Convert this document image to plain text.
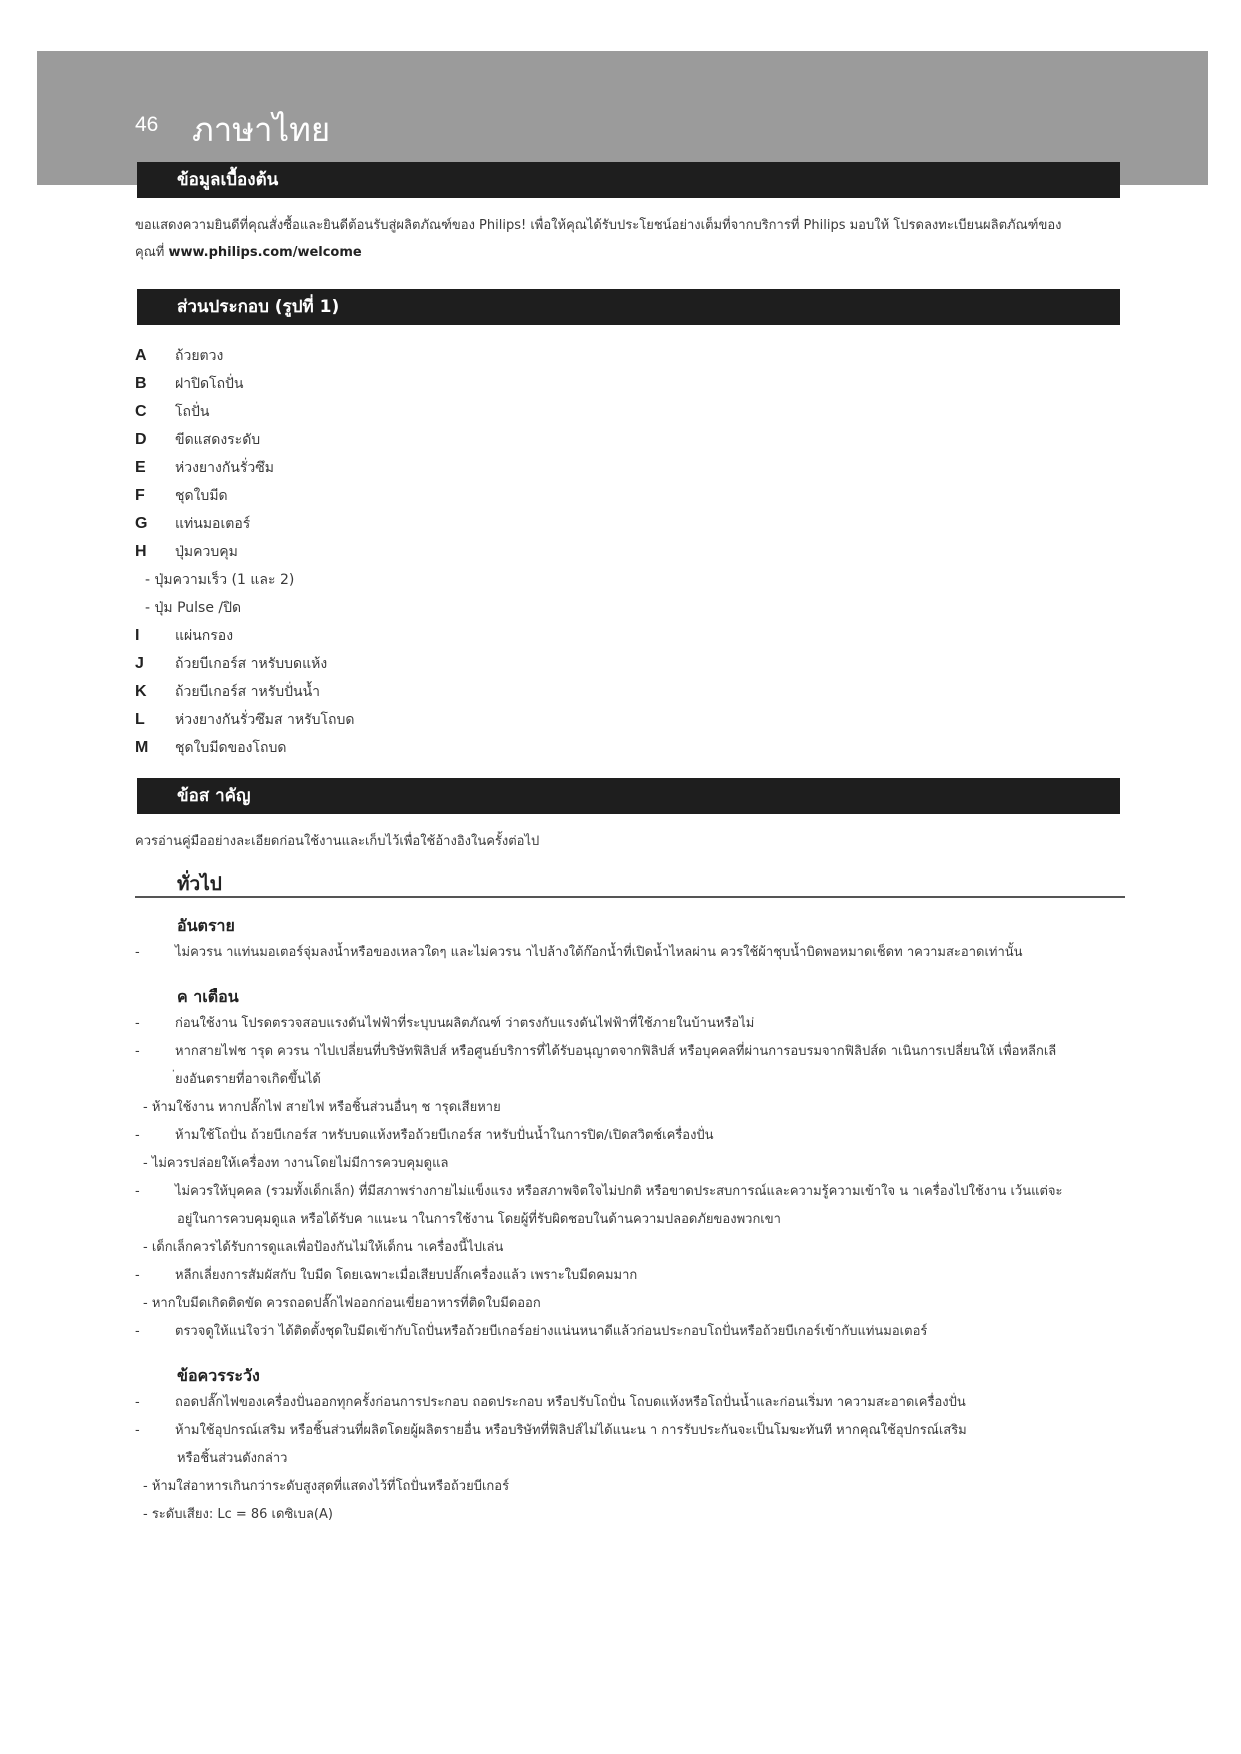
46 ภาษาไทย
ข้อมูลเบื้องต้น
ขอแสดงความยินดีที่คุณสั่งซื้อและยินดีต้อนรับสู่ผลิตภัณฑ์ของ Philips! เพื่อให้คุณได้รับประโยชน์อย่างเต็มที่จากบริการที่ Philips มอบให้ โปรดลงทะเบียนผลิตภัณฑ์ของ
คุณที่ www.philips.com/welcome
ส่วนประกอบ (รูปที่ 1)
A	ถ้วยตวง
B	ฝาปิดโถปั่น
C	โถปั่น
D	ขีดแสดงระดับ
E	ห่วงยางกันรั่วซึม
F	ชุดใบมีด
G	แท่นมอเตอร์
H	ปุ่มควบคุม
- ปุ่มความเร็ว (1 และ 2)
- ปุ่ม Pulse /ปิด
I	แผ่นกรอง
J	ถ้วยบีเกอร์ส าหรับบดแห้ง
K	ถ้วยบีเกอร์ส าหรับปั่นน้ำ
L	ห่วงยางกันรั่วซึมส าหรับโถบด
M	ชุดใบมีดของโถบด
ข้อส าคัญ
ควรอ่านคู่มืออย่างละเอียดก่อนใช้งานและเก็บไว้เพื่อใช้อ้างอิงในครั้งต่อไป
ทั่วไป
อันตราย
-	ไม่ควรน าแท่นมอเตอร์จุ่มลงน้ำหรือของเหลวใดๆ และไม่ควรน าไปล้างใต้ก๊อกน้ำที่เปิดน้ำไหลผ่าน ควรใช้ผ้าชุบน้ำบิดพอหมาดเช็ดท าความสะอาดเท่านั้น
ค าเตือน
-	ก่อนใช้งาน โปรดตรวจสอบแรงดันไฟฟ้าที่ระบุบนผลิตภัณฑ์ ว่าตรงกับแรงดันไฟฟ้าที่ใช้ภายในบ้านหรือไม่
-	หากสายไฟช ารุด ควรน าไปเปลี่ยนที่บริษัทฟิลิปส์ หรือศูนย์บริการที่ได้รับอนุญาตจากฟิลิปส์ หรือบุคคลที่ผ่านการอบรมจากฟิลิปส์ด าเนินการเปลี่ยนให้ เพื่อหลีกเลี
่ยงอันตรายที่อาจเกิดขึ้นได้
- ห้ามใช้งาน หากปลั๊กไฟ สายไฟ หรือชิ้นส่วนอื่นๆ ช ารุดเสียหาย
-	ห้ามใช้โถปั่น ถ้วยบีเกอร์ส าหรับบดแห้งหรือถ้วยบีเกอร์ส าหรับปั่นน้ำในการปิด/เปิดสวิตช์เครื่องปั่น
- ไม่ควรปล่อยให้เครื่องท างานโดยไม่มีการควบคุมดูแล
-	ไม่ควรให้บุคคล (รวมทั้งเด็กเล็ก) ที่มีสภาพร่างกายไม่แข็งแรง หรือสภาพจิตใจไม่ปกติ หรือขาดประสบการณ์และความรู้ความเข้าใจ น าเครื่องไปใช้งาน เว้นแต่จะ
อยู่ในการควบคุมดูแล หรือได้รับค าแนะน าในการใช้งาน โดยผู้ที่รับผิดชอบในด้านความปลอดภัยของพวกเขา
- เด็กเล็กควรได้รับการดูแลเพื่อป้องกันไม่ให้เด็กน าเครื่องนี้ไปเล่น
-	หลีกเลี่ยงการสัมผัสกับ ใบมีด โดยเฉพาะเมื่อเสียบปลั๊กเครื่องแล้ว เพราะใบมีดคมมาก
- หากใบมีดเกิดติดขัด ควรถอดปลั๊กไฟออกก่อนเขี่ยอาหารที่ติดใบมีดออก
-	ตรวจดูให้แน่ใจว่า ได้ติดตั้งชุดใบมีดเข้ากับโถปั่นหรือถ้วยบีเกอร์อย่างแน่นหนาดีแล้วก่อนประกอบโถปั่นหรือถ้วยบีเกอร์เข้ากับแท่นมอเตอร์
ข้อควรระวัง
-	ถอดปลั๊กไฟของเครื่องปั่นออกทุกครั้งก่อนการประกอบ ถอดประกอบ หรือปรับโถปั่น โถบดแห้งหรือโถปั่นน้ำและก่อนเริ่มท าความสะอาดเครื่องปั่น
-	ห้ามใช้อุปกรณ์เสริม หรือชิ้นส่วนที่ผลิตโดยผู้ผลิตรายอื่น หรือบริษัทที่ฟิลิปส์ไม่ได้แนะน า การรับประกันจะเป็นโมฆะทันที หากคุณใช้อุปกรณ์เสริม
หรือชิ้นส่วนดังกล่าว
- ห้ามใส่อาหารเกินกว่าระดับสูงสุดที่แสดงไว้ที่โถปั่นหรือถ้วยบีเกอร์
- ระดับเสียง: Lc = 86 เดซิเบล(A)
